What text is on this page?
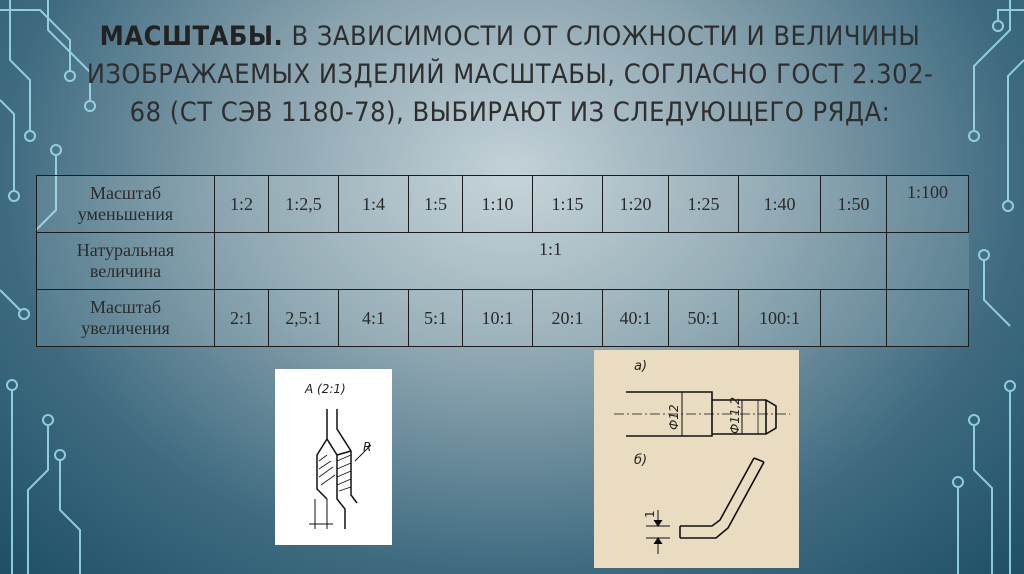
МАСШТАБЫ. В ЗАВИСИМОСТИ ОТ СЛОЖНОСТИ И ВЕЛИЧИНЫ ИЗОБРАЖАЕМЫХ ИЗДЕЛИЙ МАСШТАБЫ, СОГЛАСНО ГОСТ 2.302-68 (СТ СЭВ 1180-78), ВЫБИРАЮТ ИЗ СЛЕДУЮЩЕГО РЯДА:
Масштаб
уменьшения	1:2	1:2,5	1:4	1:5	1:10	1:15	1:20	1:25	1:40	1:50	1:100
Натуральная
величина	1:1										
Масштаб
увеличения	2:1	2,5:1	4:1	5:1	10:1	20:1	40:1	50:1	100:1		
А (2:1)
R
а)
Ф12	Ф11,2
б)
1
